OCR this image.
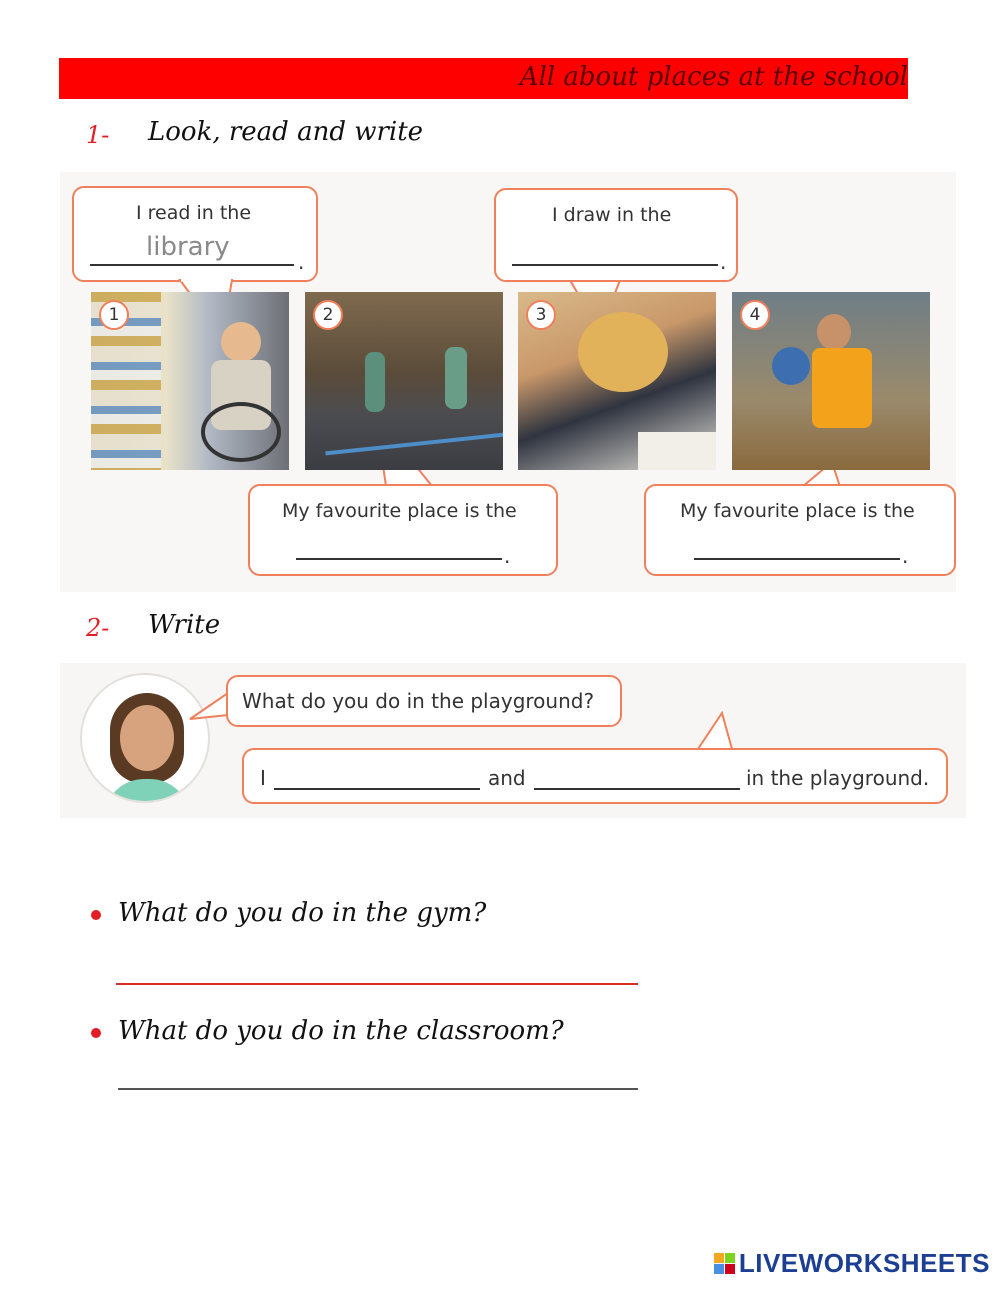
All about places at the school
1- Look, read and write
I read in the
library	.
I draw in the
.
1	2	3	4
My favourite place is the
.
My favourite place is the
.
2- Write
What do you do in the playground?
I	and	in the playground.
What do you do in the gym?
What do you do in the classroom?
LIVEWORKSHEETS
